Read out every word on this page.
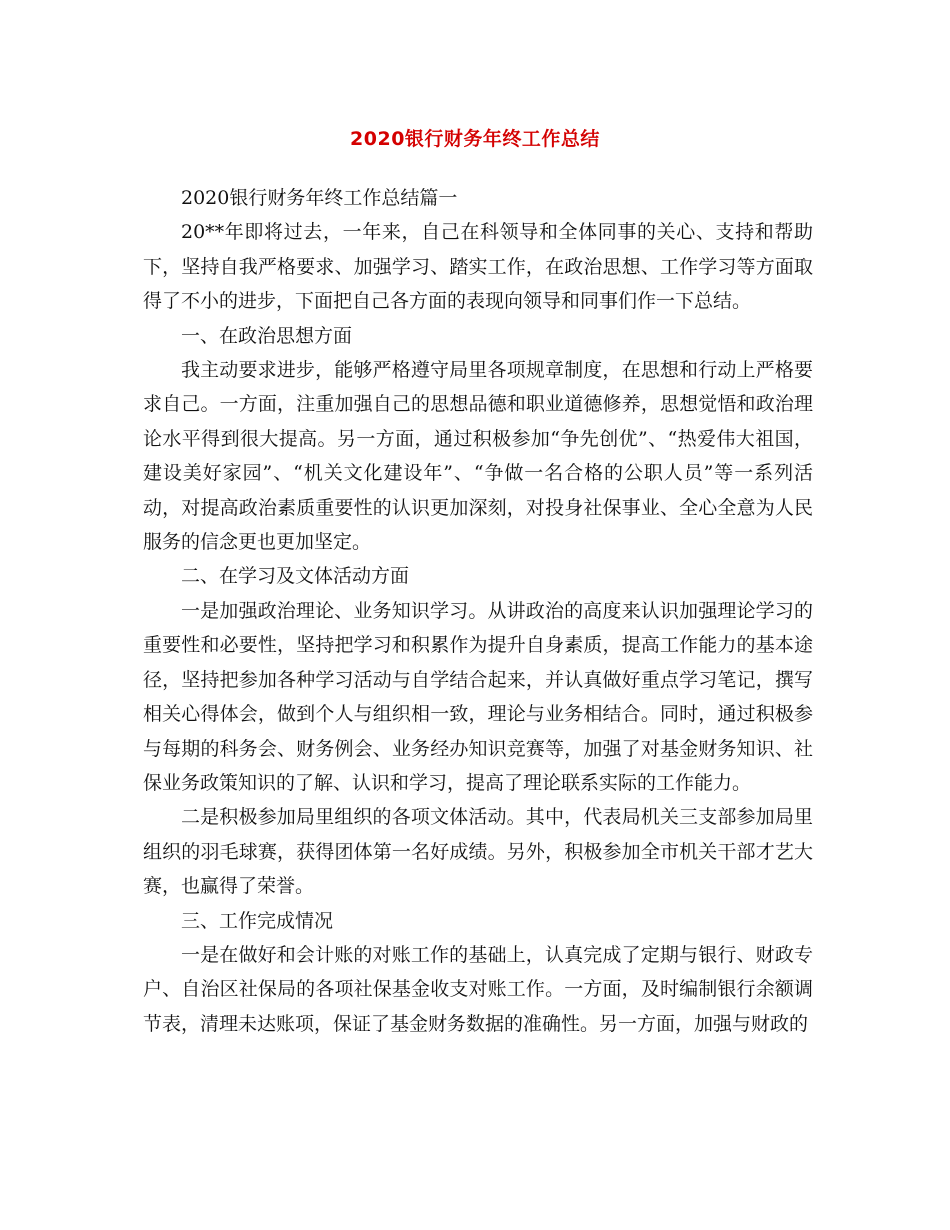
2020银行财务年终工作总结

2020银行财务年终工作总结篇一

20**年即将过去，一年来，自己在科领导和全体同事的关心、支持和帮助下，坚持自我严格要求、加强学习、踏实工作，在政治思想、工作学习等方面取得了不小的进步，下面把自己各方面的表现向领导和同事们作一下总结。

一、在政治思想方面

我主动要求进步，能够严格遵守局里各项规章制度，在思想和行动上严格要求自己。一方面，注重加强自己的思想品德和职业道德修养，思想觉悟和政治理论水平得到很大提高。另一方面，通过积极参加“争先创优”、“热爱伟大祖国，建设美好家园”、“机关文化建设年”、“争做一名合格的公职人员”等一系列活动，对提高政治素质重要性的认识更加深刻，对投身社保事业、全心全意为人民服务的信念更也更加坚定。

二、在学习及文体活动方面

一是加强政治理论、业务知识学习。从讲政治的高度来认识加强理论学习的重要性和必要性，坚持把学习和积累作为提升自身素质，提高工作能力的基本途径，坚持把参加各种学习活动与自学结合起来，并认真做好重点学习笔记，撰写相关心得体会，做到个人与组织相一致，理论与业务相结合。同时，通过积极参与每期的科务会、财务例会、业务经办知识竞赛等，加强了对基金财务知识、社保业务政策知识的了解、认识和学习，提高了理论联系实际的工作能力。

二是积极参加局里组织的各项文体活动。其中，代表局机关三支部参加局里组织的羽毛球赛，获得团体第一名好成绩。另外，积极参加全市机关干部才艺大赛，也赢得了荣誉。

三、工作完成情况

一是在做好和会计账的对账工作的基础上，认真完成了定期与银行、财政专户、自治区社保局的各项社保基金收支对账工作。一方面，及时编制银行余额调节表，清理未达账项，保证了基金财务数据的准确性。另一方面，加强与财政的
